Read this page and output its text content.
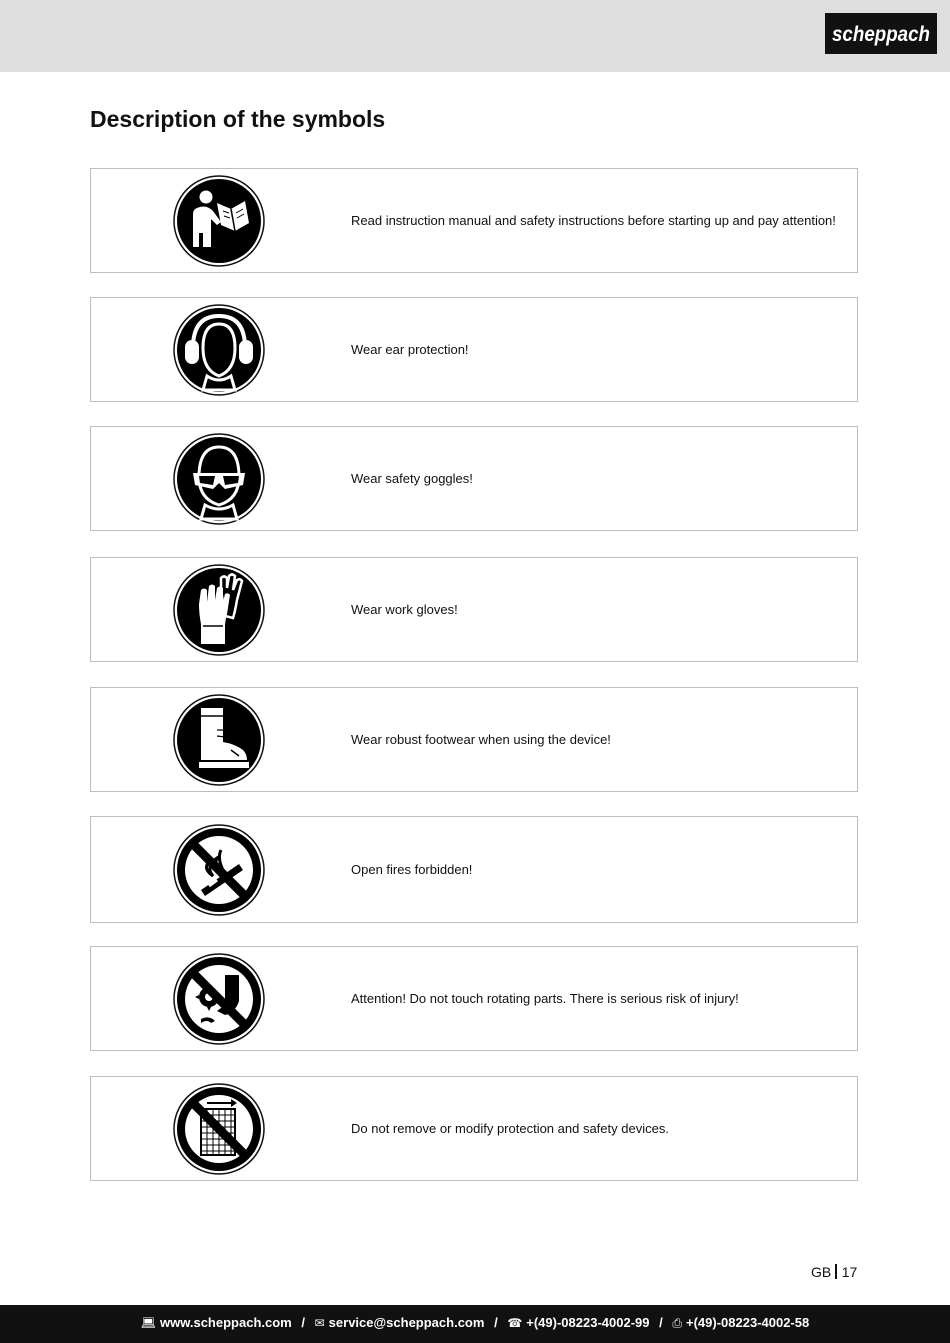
scheppach
Description of the symbols
Read instruction manual and safety instructions before starting up and pay attention!
Wear ear protection!
Wear safety goggles!
Wear work gloves!
Wear robust footwear when using the device!
Open fires forbidden!
Attention! Do not touch rotating parts. There is serious risk of injury!
Do not remove or modify protection and safety devices.
GB 17
💻︎ www.scheppach.com / ✉︎ service@scheppach.com / ☎ +(49)-08223-4002-99 / ⎙ +(49)-08223-4002-58
